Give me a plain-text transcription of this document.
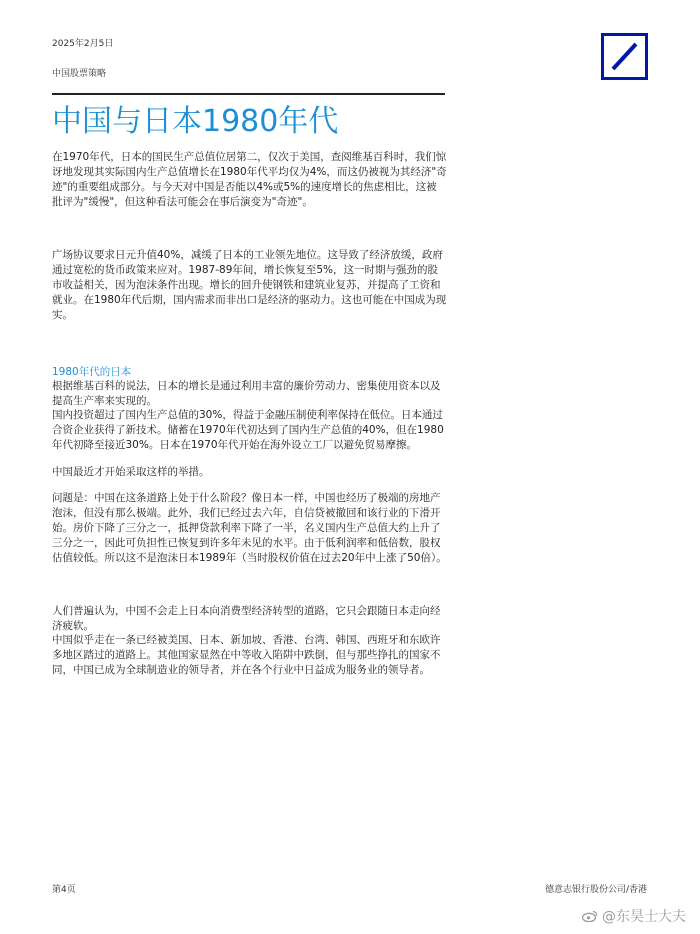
2025年2月5日
中国股票策略
中国与日本1980年代

在1970年代，日本的国民生产总值位居第二，仅次于美国，查阅维基百科时，我们惊讶地发现其实际国内生产总值增长在1980年代平均仅为4%，而这仍被视为其经济"奇迹"的重要组成部分。与今天对中国是否能以4%或5%的速度增长的焦虑相比，这被批评为"缓慢"，但这种看法可能会在事后演变为"奇迹"。

广场协议要求日元升值40%，减缓了日本的工业领先地位。这导致了经济放缓，政府通过宽松的货币政策来应对。1987-89年间，增长恢复至5%，这一时期与强劲的股市收益相关，因为泡沫条件出现。增长的回升使钢铁和建筑业复苏，并提高了工资和就业。在1980年代后期，国内需求而非出口是经济的驱动力。这也可能在中国成为现实。

1980年代的日本

根据维基百科的说法，日本的增长是通过利用丰富的廉价劳动力、密集使用资本以及提高生产率来实现的。

国内投资超过了国内生产总值的30%，得益于金融压制使利率保持在低位。日本通过合资企业获得了新技术。储蓄在1970年代初达到了国内生产总值的40%，但在1980年代初降至接近30%。日本在1970年代开始在海外设立工厂以避免贸易摩擦。

中国最近才开始采取这样的举措。

问题是：中国在这条道路上处于什么阶段？像日本一样，中国也经历了极端的房地产泡沫，但没有那么极端。此外，我们已经过去六年，自信贷被撤回和该行业的下滑开始。房价下降了三分之一，抵押贷款利率下降了一半，名义国内生产总值大约上升了三分之一，因此可负担性已恢复到许多年未见的水平。由于低利润率和低倍数，股权估值较低。所以这不是泡沫日本1989年（当时股权价值在过去20年中上涨了50倍）。

人们普遍认为，中国不会走上日本向消费型经济转型的道路，它只会跟随日本走向经济疲软。

中国似乎走在一条已经被美国、日本、新加坡、香港、台湾、韩国、西班牙和东欧许多地区踏过的道路上。其他国家显然在中等收入陷阱中跌倒，但与那些挣扎的国家不同，中国已成为全球制造业的领导者，并在各个行业中日益成为服务业的领导者。

第4页	德意志银行股份公司/香港
@东昊士大夫
